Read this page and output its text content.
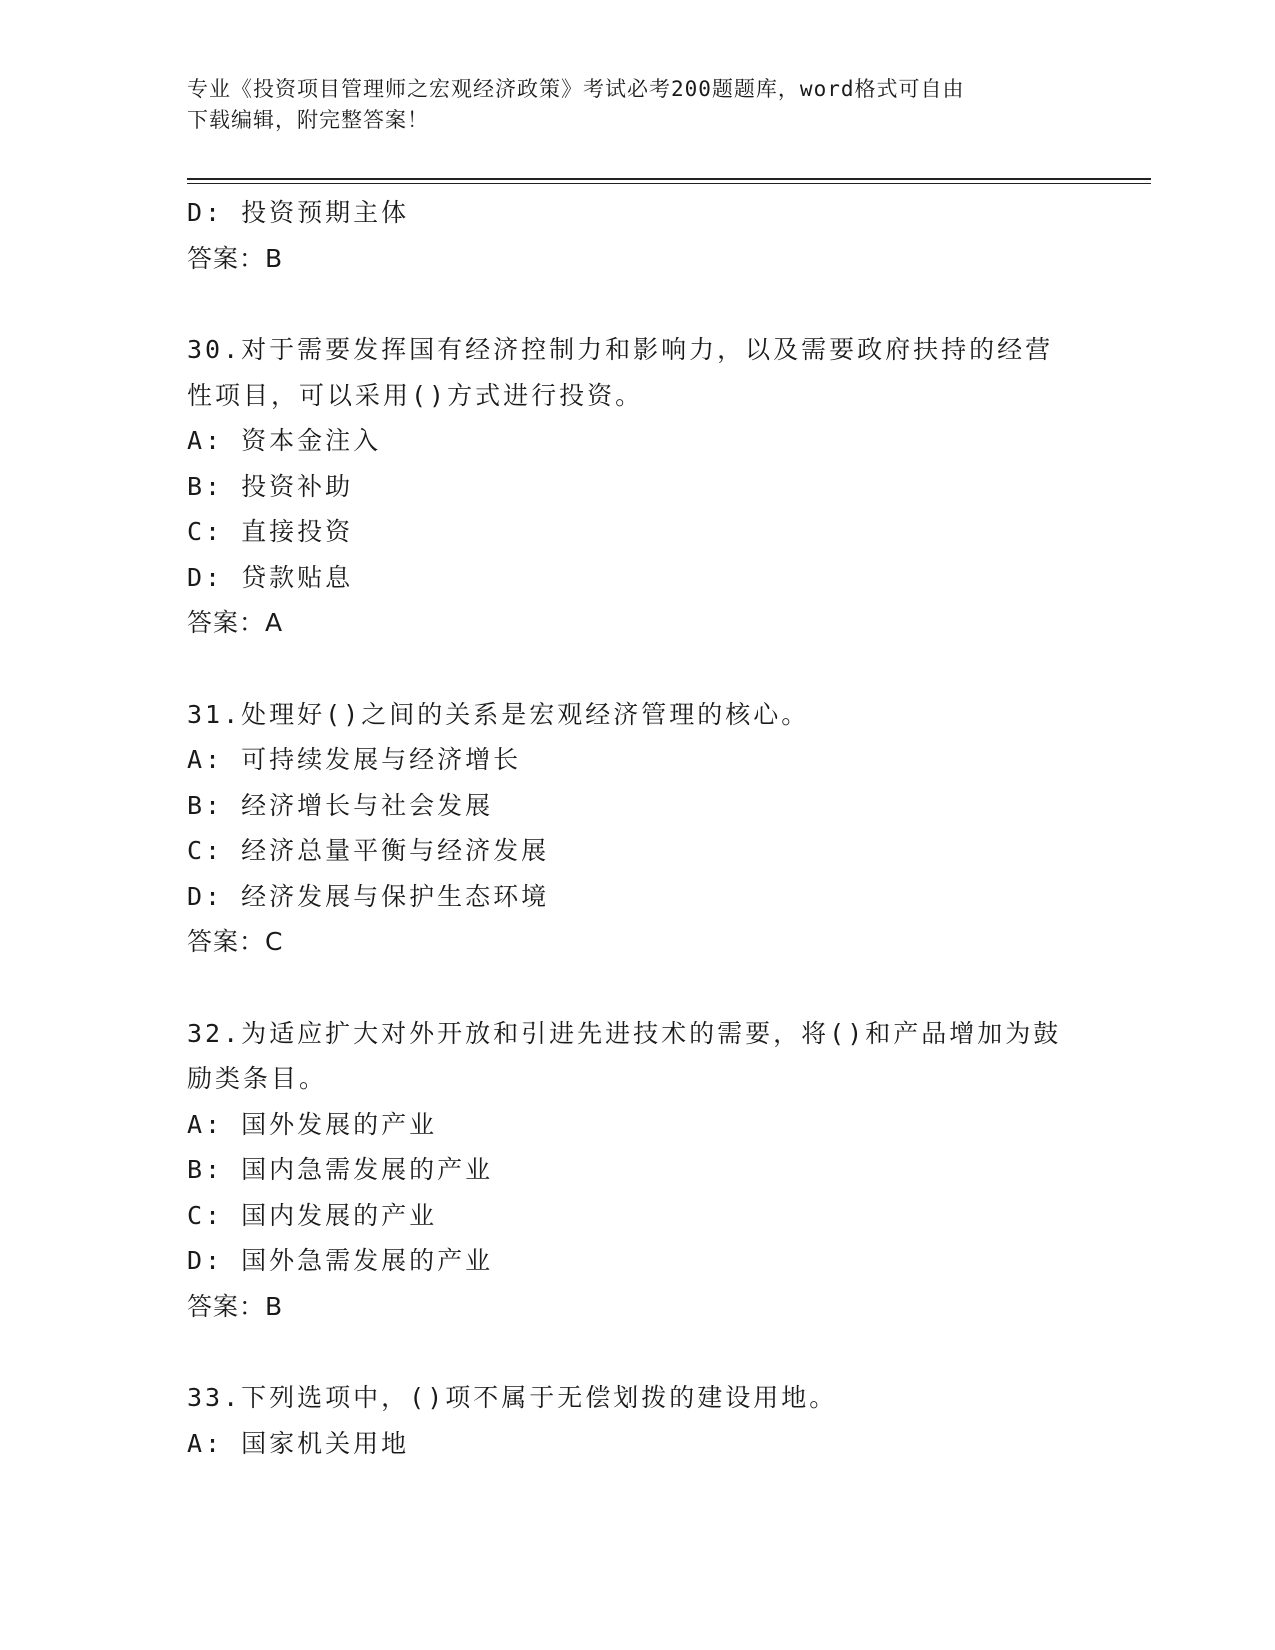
专业《投资项目管理师之宏观经济政策》考试必考200题题库，word格式可自由
下载编辑，附完整答案！
D: 投资预期主体
答案：B
30.对于需要发挥国有经济控制力和影响力，以及需要政府扶持的经营
性项目，可以采用()方式进行投资。
A: 资本金注入
B: 投资补助
C: 直接投资
D: 贷款贴息
答案：A
31.处理好()之间的关系是宏观经济管理的核心。
A: 可持续发展与经济增长
B: 经济增长与社会发展
C: 经济总量平衡与经济发展
D: 经济发展与保护生态环境
答案：C
32.为适应扩大对外开放和引进先进技术的需要，将()和产品增加为鼓
励类条目。
A: 国外发展的产业
B: 国内急需发展的产业
C: 国内发展的产业
D: 国外急需发展的产业
答案：B
33.下列选项中，()项不属于无偿划拨的建设用地。
A: 国家机关用地
